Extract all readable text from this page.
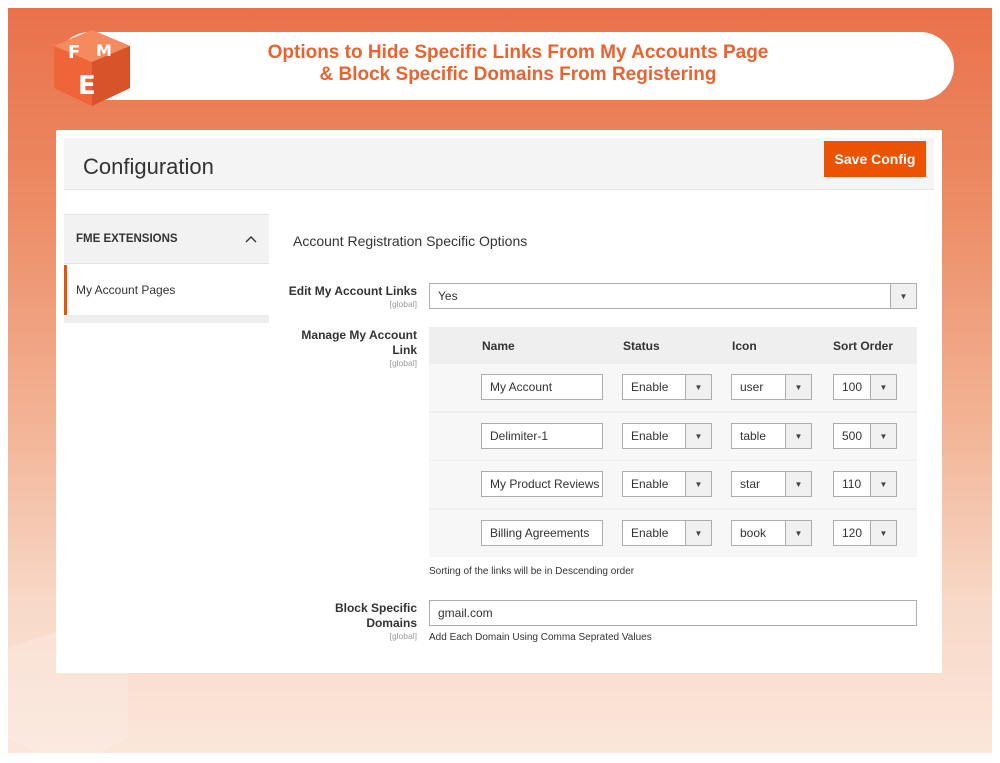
F M
E
Options to Hide Specific Links From My Accounts Page
& Block Specific Domains From Registering
Configuration	Save Config
FME EXTENSIONS
My Account Pages
Account Registration Specific Options
Edit My Account Links
[global]
Yes	▼
Manage My Account
Link
[global]
Name	Status	Icon	Sort Order
My Account	Enable	▼	user	▼	100	▼
Delimiter-1	Enable	▼	table	▼	500	▼
My Product Reviews	Enable	▼	star	▼	110	▼
Billing Agreements	Enable	▼	book	▼	120	▼
Sorting of the links will be in Descending order
Block Specific
Domains
[global]
gmail.com
Add Each Domain Using Comma Seprated Values
